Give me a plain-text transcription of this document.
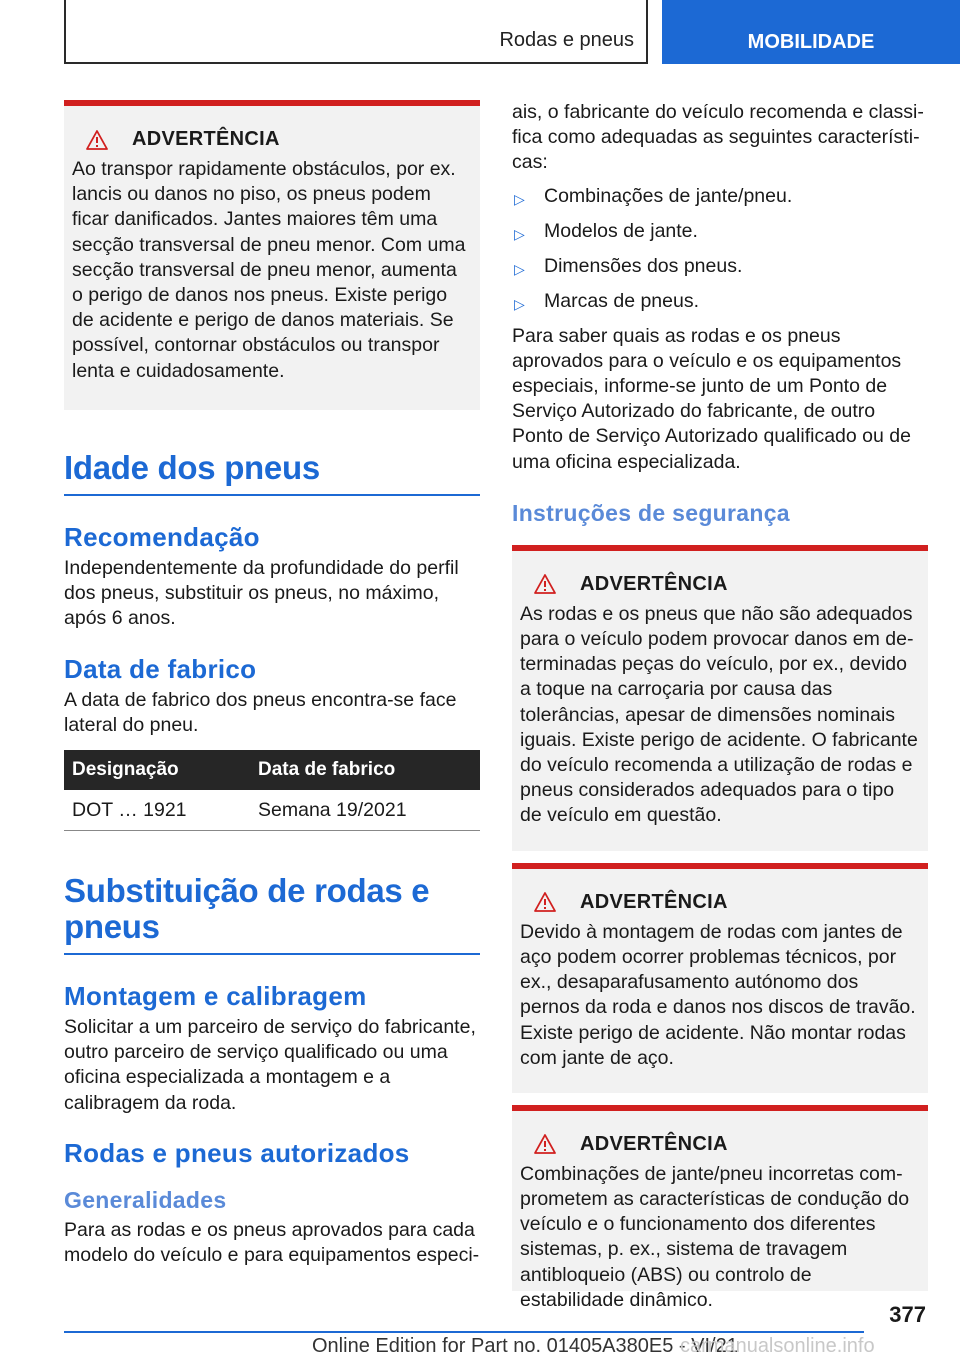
Rodas e pneus	MOBILIDADE
ADVERTÊNCIA

Ao transpor rapidamente obstáculos, por ex. lancis ou danos no piso, os pneus podem ficar danificados. Jantes maiores têm uma secção transversal de pneu menor. Com uma secção transversal de pneu menor, aumenta o perigo de danos nos pneus. Existe perigo de acidente e perigo de danos materiais. Se possível, contornar obstáculos ou transpor lenta e cuidadosamente.

Idade dos pneus
Recomendação

Independentemente da profundidade do perfil dos pneus, substituir os pneus, no máximo, após 6 anos.

Data de fabrico

A data de fabrico dos pneus encontra-se face lateral do pneu.

Designação	Data de fabrico
DOT … 1921	Semana 19/2021
Substituição de rodas e pneus
Montagem e calibragem

Solicitar a um parceiro de serviço do fabricante, outro parceiro de serviço qualificado ou uma oficina especializada a montagem e a calibragem da roda.

Rodas e pneus autorizados
Generalidades

Para as rodas e os pneus aprovados para cada modelo do veículo e para equipamentos especi-

ais, o fabricante do veículo recomenda e classifica como adequadas as seguintes características:

▷ Combinações de jante/pneu.
▷ Modelos de jante.
▷ Dimensões dos pneus.
▷ Marcas de pneus.

Para saber quais as rodas e os pneus aprovados para o veículo e os equipamentos especiais, informe-se junto de um Ponto de Serviço Autorizado do fabricante, de outro Ponto de Serviço Autorizado qualificado ou de uma oficina especializada.

Instruções de segurança
ADVERTÊNCIA

As rodas e os pneus que não são adequados para o veículo podem provocar danos em determinadas peças do veículo, por ex., devido a toque na carroçaria por causa das tolerâncias, apesar de dimensões nominais iguais. Existe perigo de acidente. O fabricante do veículo recomenda a utilização de rodas e pneus considerados adequados para o tipo de veículo em questão.

ADVERTÊNCIA

Devido à montagem de rodas com jantes de aço podem ocorrer problemas técnicos, por ex., desaparafusamento autónomo dos pernos da roda e danos nos discos de travão. Existe perigo de acidente. Não montar rodas com jante de aço.

ADVERTÊNCIA

Combinações de jante/pneu incorretas comprometem as características de condução do veículo e o funcionamento dos diferentes sistemas, p. ex., sistema de travagem antibloqueio (ABS) ou controlo de estabilidade dinâmico.

377
Online Edition for Part no. 01405A380E5 - VI/21
carmanualsonline.info
